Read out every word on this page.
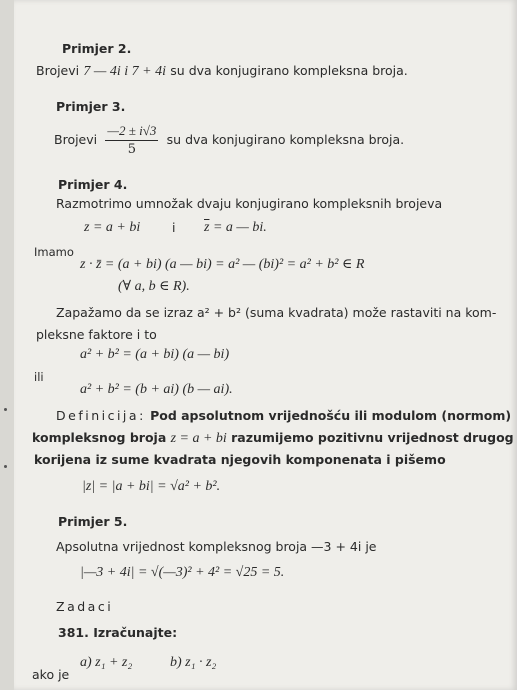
Primjer 2.
Brojevi 7 — 4i i 7 + 4i su dva konjugirano kompleksna broja.
Primjer 3.
Brojevi $\frac{—2 \pm i√3}{5}$ su dva konjugirano kompleksna broja.
Primjer 4.
Razmotrimo umnožak dvaju konjugirano kompleksnih brojeva
z = a + bi	i $\overline{z} = a$ — bi.
Imamo
z · z̄ = (a + bi) (a — bi) = a² — (bi)² = a² + b² ∈ R
(∀ a, b ∈ R).
Zapažamo da se izraz a² + b² (suma kvadrata) može rastaviti na kom-
pleksne faktore i to
a² + b² = (a + bi) (a — bi)
ili
a² + b² = (b + ai) (b — ai).
Definicija: Pod apsolutnom vrijednošću ili modulom (normom)
kompleksnog broja z = a + bi razumijemo pozitivnu vrijednost drugog
korijena iz sume kvadrata njegovih komponenata i pišemo
|z| = |a + bi| = √a² + b².
Primjer 5.
Apsolutna vrijednost kompleksnog broja —3 + 4i je
|—3 + 4i| = √(—3)² + 4² = √25 = 5.
Zadaci
381. Izračunajte:
a) z₁ + z₂	b) z₁ · z₂
ako je
